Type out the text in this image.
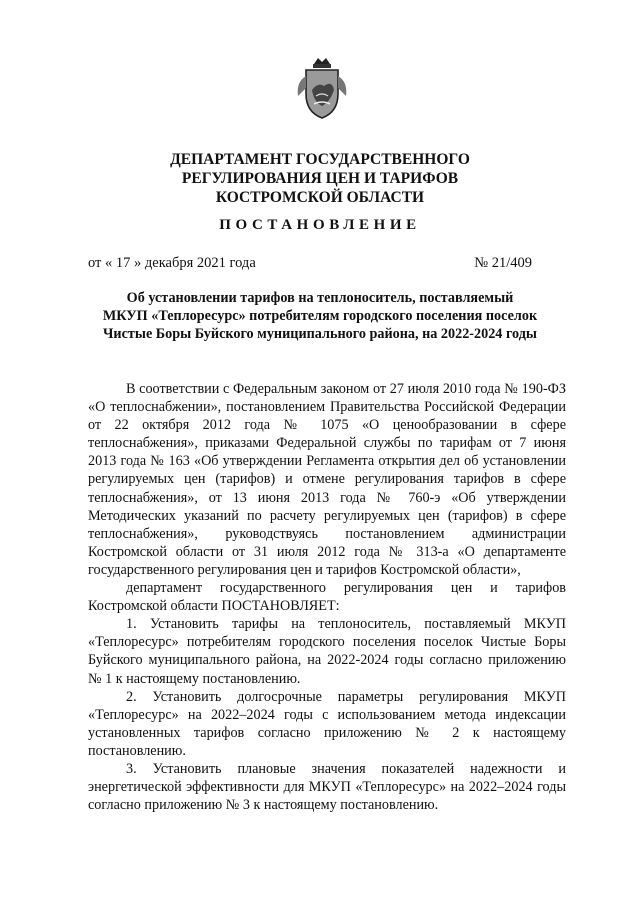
ДЕПАРТАМЕНТ ГОСУДАРСТВЕННОГО
РЕГУЛИРОВАНИЯ ЦЕН И ТАРИФОВ
КОСТРОМСКОЙ ОБЛАСТИ
ПОСТАНОВЛЕНИЕ
от « 17 » декабря 2021 года	№ 21/409
Об установлении тарифов на теплоноситель, поставляемый
МКУП «Теплоресурс» потребителям городского поселения поселок
Чистые Боры Буйского муниципального района, на 2022-2024 годы

В соответствии с Федеральным законом от 27 июля 2010 года № 190-ФЗ «О теплоснабжении», постановлением Правительства Российской Федерации от 22 октября 2012 года № 1075 «О ценообразовании в сфере теплоснабжения», приказами Федеральной службы по тарифам от 7 июня 2013 года № 163 «Об утверждении Регламента открытия дел об установлении регулируемых цен (тарифов) и отмене регулирования тарифов в сфере теплоснабжения», от 13 июня 2013 года № 760-э «Об утверждении Методических указаний по расчету регулируемых цен (тарифов) в сфере теплоснабжения», руководствуясь постановлением администрации Костромской области от 31 июля 2012 года № 313-а «О департаменте государственного регулирования цен и тарифов Костромской области»,

департамент государственного регулирования цен и тарифов Костромской области ПОСТАНОВЛЯЕТ:

1. Установить тарифы на теплоноситель, поставляемый МКУП «Теплоресурс» потребителям городского поселения поселок Чистые Боры Буйского муниципального района, на 2022-2024 годы согласно приложению № 1 к настоящему постановлению.

2. Установить долгосрочные параметры регулирования МКУП «Теплоресурс» на 2022–2024 годы с использованием метода индексации установленных тарифов согласно приложению № 2 к настоящему постановлению.

3. Установить плановые значения показателей надежности и энергетической эффективности для МКУП «Теплоресурс» на 2022–2024 годы согласно приложению № 3 к настоящему постановлению.
